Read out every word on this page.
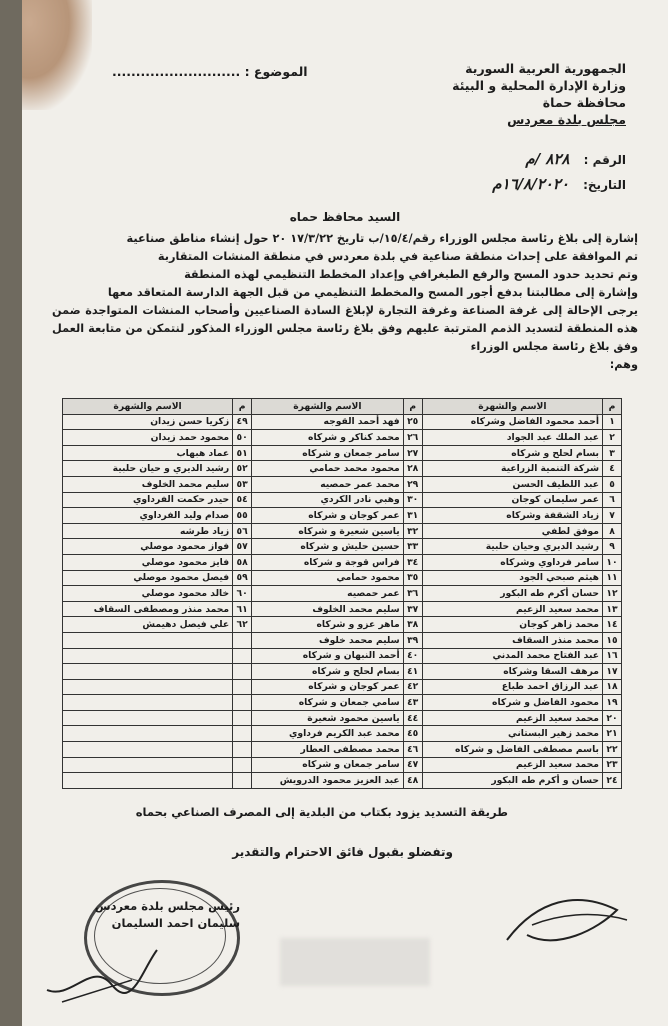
الجمهورية العربية السورية
وزارة الإدارة المحلية و البيئة
محافظة حماة
مجلس بلدة معردس
الموضوع : ...........................
الرقم : ٨٢٨ /م
التاريخ: ١٦/٨/٢٠٢٠م
السيد محافظ حماه

إشارة إلى بلاغ رئاسة مجلس الوزراء رقم/١٥/٤/ب تاريخ ١٧/٣/٢٢ ٢٠ حول إنشاء مناطق صناعية

تم الموافقة على إحداث منطقة صناعية في بلدة معردس في منطقة المنشات المتقاربة

وتم تحديد حدود المسح والرفع الطبغرافي وإعداد المخطط التنظيمي لهذه المنطقة

وإشارة إلى مطالبتنا بدفع أجور المسح والمخطط التنظيمي من قبل الجهة الدارسة المتعاقد معها

يرجى الإحالة إلى غرفة الصناعة وغرفة التجارة لإبلاغ السادة الصناعيين وأصحاب المنشات المتواجدة ضمن هذه المنطقة لتسديد الذمم المترتبة عليهم وفق بلاغ رئاسة مجلس الوزراء المذكور لنتمكن من متابعة العمل وفق بلاغ رئاسة مجلس الوزراء

وهم:

م	الاسم والشهرة	م	الاسم والشهرة	م	الاسم والشهرة
١	أحمد محمود الفاضل وشركاه	٢٥	فهد أحمد القوجه	٤٩	زكريا حسن زيدان
٢	عبد الملك عبد الجواد	٢٦	محمد كناكر و شركاه	٥٠	محمود حمد زيدان
٣	بسام لحلح و شركاه	٢٧	سامر جمعان و شركاه	٥١	عماد هبهاب
٤	شركة التنمية الزراعية	٢٨	محمود محمد حمامي	٥٢	رشيد الديري و حيان حلبية
٥	عبد اللطيف الحسن	٢٩	محمد عمر حمصيه	٥٣	سليم محمد الخلوف
٦	عمر سليمان كوجان	٣٠	وهبي نادر الكردي	٥٤	حيدر حكمت الفرداوي
٧	زياد الشقفة وشركاه	٣١	عمر كوجان و شركاه	٥٥	صدام وليد الفرداوي
٨	موفق لطفي	٣٢	ياسين شعيرة و شركاه	٥٦	زياد طرشه
٩	رشيد الديري وحيان حلبية	٣٣	حسين حليش و شركاه	٥٧	فواز محمود موصلي
١٠	سامر فرداوي وشركاه	٣٤	فراس قوجة و شركاه	٥٨	فايز محمود موصلي
١١	هيثم صبحي الجود	٣٥	محمود حمامي	٥٩	فيصل محمود موصلي
١٢	حسان أكرم طه البكور	٣٦	عمر حمصيه	٦٠	خالد محمود موصلي
١٣	محمد سعيد الزعيم	٣٧	سليم محمد الخلوف	٦١	محمد منذر ومصطفى السقاف
١٤	محمد زاهر كوجان	٣٨	ماهر عزو و شركاه	٦٢	علي فيصل دهيمش
١٥	محمد منذر السقاف	٣٩	سليم محمد خلوف		
١٦	عبد الفتاح محمد المدني	٤٠	أحمد النبهان و شركاه		
١٧	مرهف السقا وشركاه	٤١	بسام لحلح و شركاه		
١٨	عبد الرزاق احمد طباع	٤٢	عمر كوجان و شركاه		
١٩	محمود الفاضل و شركاه	٤٣	سامي جمعان و شركاه		
٢٠	محمد سعيد الزعيم	٤٤	ياسين محمود شعيرة		
٢١	محمد زهير البستاني	٤٥	محمد عبد الكريم فرداوي		
٢٢	باسم مصطفى الفاضل و شركاه	٤٦	محمد مصطفى العطار		
٢٣	محمد سعيد الزعيم	٤٧	سامر جمعان و شركاه		
٢٤	حسان و أكرم طه البكور	٤٨	عبد العزيز محمود الدرويش		
طريقة التسديد يزود بكتاب من البلدية إلى المصرف الصناعي بحماه
وتفضلو بقبول فائق الاحترام والتقدير
رئيس مجلس بلدة معردس
سليمان احمد السليمان
